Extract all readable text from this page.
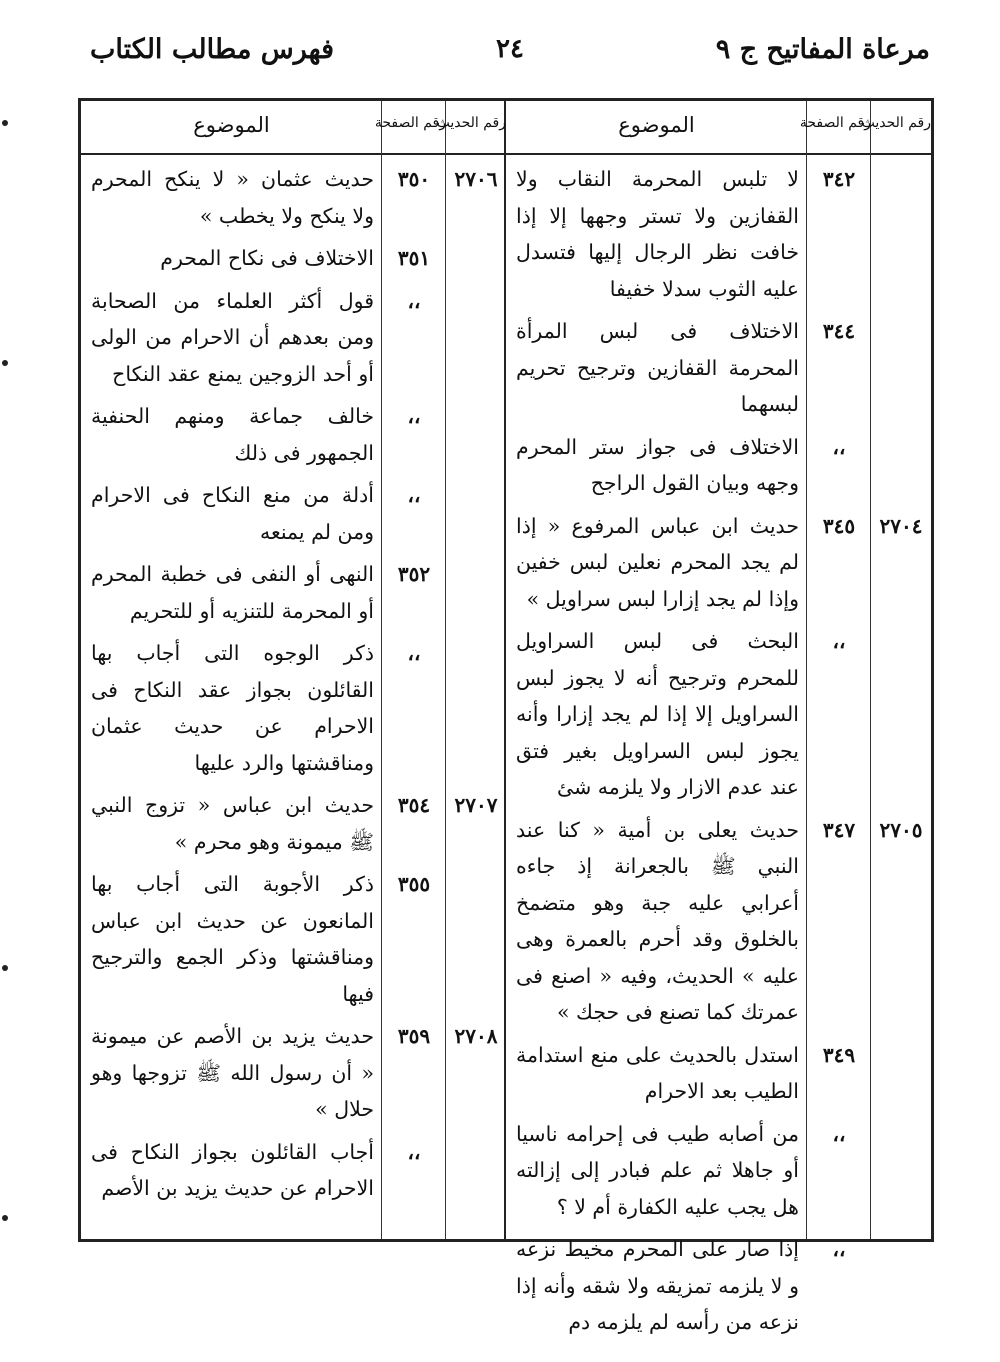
مرعاة المفاتيح ج ٩
٢٤
فهرس مطالب الكتاب
رقم الحديث
رقم الصفحة
الموضوع
٣٤٢
لا تلبس المحرمة النقاب ولا القفازين ولا تستر وجهها إلا إذا خافت نظر الرجال إليها فتسدل عليه الثوب سدلا خفيفا
٣٤٤
الاختلاف فى لبس المرأة المحرمة القفازين وترجيح تحريم لبسهما
،،
الاختلاف فى جواز ستر المحرم وجهه وبيان القول الراجح
٢٧٠٤
٣٤٥
حديث ابن عباس المرفوع « إذا لم يجد المحرم نعلين لبس خفين وإذا لم يجد إزارا لبس سراويل »
،،
البحث فى لبس السراويل للمحرم وترجيح أنه لا يجوز لبس السراويل إلا إذا لم يجد إزارا وأنه يجوز لبس السراويل بغير فتق عند عدم الازار ولا يلزمه شئ
٢٧٠٥
٣٤٧
حديث يعلى بن أمية « كنا عند النبي ﷺ بالجعرانة إذ جاءه أعرابي عليه جبة وهو متضمخ بالخلوق وقد أحرم بالعمرة وهى عليه » الحديث، وفيه « اصنع فى عمرتك كما تصنع فى حجك »
٣٤٩
استدل بالحديث على منع استدامة الطيب بعد الاحرام
،،
من أصابه طيب فى إحرامه ناسيا أو جاهلا ثم علم فبادر إلى إزالته هل يجب عليه الكفارة أم لا ؟
،،
إذا صار على المحرم مخيط نزعه و لا يلزمه تمزيقه ولا شقه وأنه إذا نزعه من رأسه لم يلزمه دم
رقم الحديث
رقم الصفحة
الموضوع
٢٧٠٦
٣٥٠
حديث عثمان « لا ينكح المحرم ولا ينكح ولا يخطب »
٣٥١
الاختلاف فى نكاح المحرم
،،
قول أكثر العلماء من الصحابة ومن بعدهم أن الاحرام من الولى أو أحد الزوجين يمنع عقد النكاح
،،
خالف جماعة ومنهم الحنفية الجمهور فى ذلك
،،
أدلة من منع النكاح فى الاحرام ومن لم يمنعه
٣٥٢
النهى أو النفى فى خطبة المحرم أو المحرمة للتنزيه أو للتحريم
،،
ذكر الوجوه التى أجاب بها القائلون بجواز عقد النكاح فى الاحرام عن حديث عثمان ومناقشتها والرد عليها
٢٧٠٧
٣٥٤
حديث ابن عباس « تزوج النبي ﷺ ميمونة وهو محرم »
٣٥٥
ذكر الأجوبة التى أجاب بها المانعون عن حديث ابن عباس ومناقشتها وذكر الجمع والترجيح فيها
٢٧٠٨
٣٥٩
حديث يزيد بن الأصم عن ميمونة « أن رسول الله ﷺ تزوجها وهو حلال »
،،
أجاب القائلون بجواز النكاح فى الاحرام عن حديث يزيد بن الأصم
